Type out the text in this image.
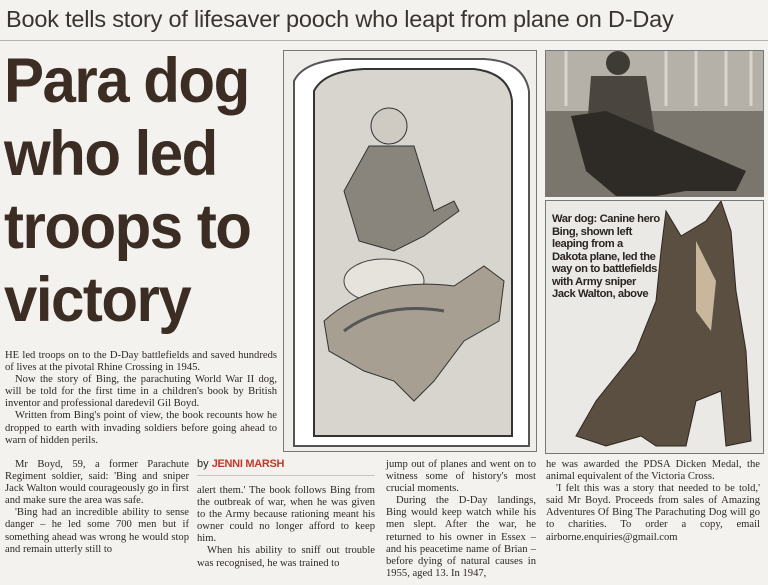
Book tells story of lifesaver pooch who leapt from plane on D-Day
Para dog
who led
troops to
victory
War dog: Canine hero Bing, shown left leaping from a Dakota plane, led the way on to battlefields with Army sniper Jack Walton, above

HE led troops on to the D-Day battlefields and saved hundreds of lives at the pivotal Rhine Crossing in 1945.

Now the story of Bing, the parachuting World War II dog, will be told for the first time in a children's book by British inventor and professional daredevil Gil Boyd.

Written from Bing's point of view, the book recounts how he dropped to earth with invading soldiers before going ahead to warn of hidden perils.

Mr Boyd, 59, a former Parachute Regiment soldier, said: 'Bing and sniper Jack Walton would courageously go in first and make sure the area was safe.

'Bing had an incredible ability to sense danger – he led some 700 men but if something ahead was wrong he would stop and remain utterly still to

by JENNI MARSH

alert them.' The book follows Bing from the outbreak of war, when he was given to the Army because rationing meant his owner could no longer afford to keep him.

When his ability to sniff out trouble was recognised, he was trained to

jump out of planes and went on to witness some of history's most crucial moments.

During the D-Day landings, Bing would keep watch while his men slept. After the war, he returned to his owner in Essex – and his peacetime name of Brian – before dying of natural causes in 1955, aged 13. In 1947,

he was awarded the PDSA Dicken Medal, the animal equivalent of the Victoria Cross.

'I felt this was a story that needed to be told,' said Mr Boyd. Proceeds from sales of Amazing Adventures Of Bing The Parachuting Dog will go to charities. To order a copy, email airborne.enquiries@gmail.com
